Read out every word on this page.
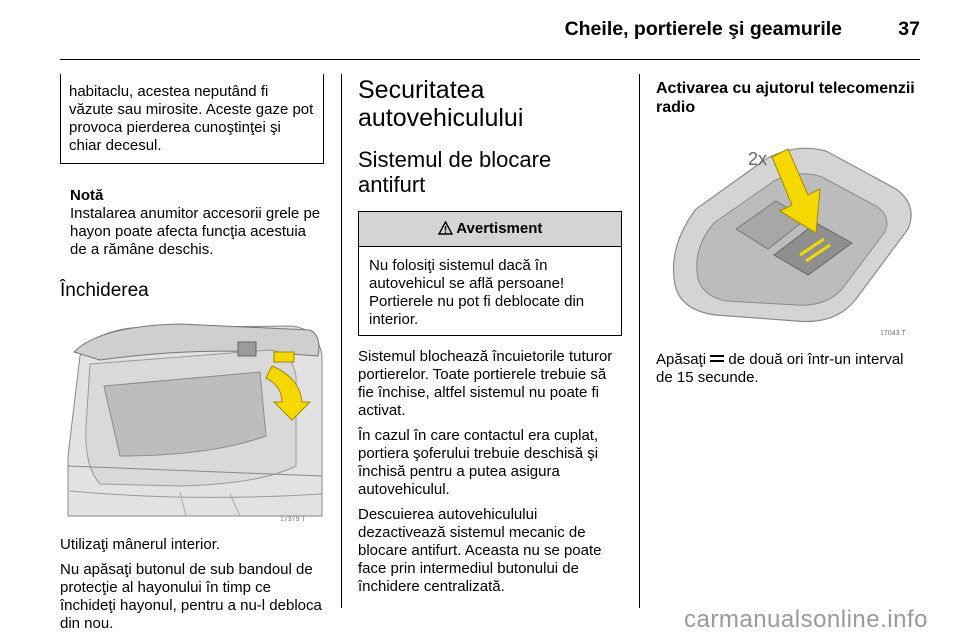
Cheile, portierele şi geamurile	37

habitaclu, acestea neputând fi văzute sau mirosite. Aceste gaze pot provoca pierderea cunoştinţei şi chiar decesul.

Notă

Instalarea anumitor accesorii grele pe hayon poate afecta funcţia acestuia de a rămâne deschis.

Închiderea
17379 T

Utilizaţi mânerul interior.

Nu apăsaţi butonul de sub bandoul de protecţie al hayonului în timp ce închideţi hayonul, pentru a nu-l debloca din nou.

Securitatea autovehiculului
Sistemul de blocare antifurt
Avertisment

Nu folosiţi sistemul dacă în autovehicul se află persoane! Portierele nu pot fi deblocate din interior.

Sistemul blochează încuietorile tuturor portierelor. Toate portierele trebuie să fie închise, altfel sistemul nu poate fi activat.

În cazul în care contactul era cuplat, portiera şoferului trebuie deschisă şi închisă pentru a putea asigura autovehiculul.

Descuierea autovehiculului dezactivează sistemul mecanic de blocare antifurt. Aceasta nu se poate face prin intermediul butonului de închidere centralizată.

Activarea cu ajutorul telecomenzii radio
2x
17043 T

Apăsaţi de două ori într-un interval de 15 secunde.

carmanualsonline.info
